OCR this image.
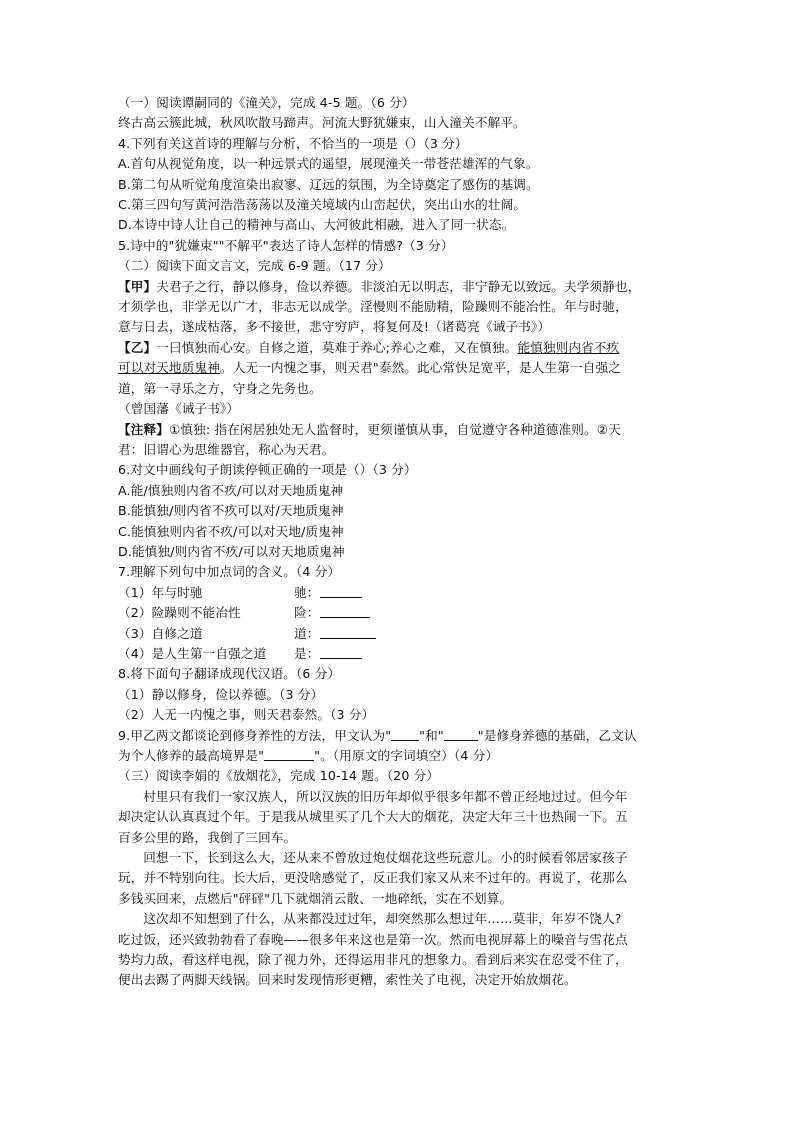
（一）阅读谭嗣同的《潼关》，完成 4-5 题。（6 分）
终古高云簇此城，秋风吹散马蹄声。河流大野犹嫌束，山入潼关不解平。
4.下列有关这首诗的理解与分析，不恰当的一项是（）（3 分）
A.首句从视觉角度，以一种远景式的遥望，展现潼关一带苍茫雄浑的气象。
B.第二句从听觉角度渲染出寂寥、辽远的氛围，为全诗奠定了感伤的基调。
C.第三四句写黄河浩浩荡荡以及潼关境域内山峦起伏，突出山水的壮阔。
D.本诗中诗人让自己的精神与高山、大河彼此相融，进入了同一状态。
5.诗中的"犹嫌束""不解平"表达了诗人怎样的情感?（3 分）
（二）阅读下面文言文，完成 6-9 题。（17 分）
【甲】夫君子之行，静以修身，俭以养德。非淡泊无以明志，非宁静无以致远。夫学须静也，
才须学也，非学无以广才，非志无以成学。淫慢则不能励精，险躁则不能冶性。年与时驰，
意与日去，遂成枯落，多不接世，悲守穷庐，将复何及!（诸葛亮《诫子书》）
【乙】一曰慎独而心安。自修之道，莫难于养心;养心之难，又在慎独。能慎独则内省不疚
可以对天地质鬼神。人无一内愧之事，则天君"泰然。此心常快足宽平，是人生第一自强之
道，第一寻乐之方，守身之先务也。
（曾国藩《诫子书》）
【注释】①慎独: 指在闲居独处无人监督时，更须谨慎从事，自觉遵守各种道德准则。②天
君：旧谓心为思维器官，称心为天君。
6.对文中画线句子朗读停顿正确的一项是（）（3 分）
A.能/慎独则内省不疚/可以对天地质鬼神
B.能慎独/则内省不疚可以对/天地质鬼神
C.能慎独则内省不疚/可以对天地/质鬼神
D.能慎独/则内省不疚/可以对天地质鬼神
7.理解下列句中加点词的含义。（4 分）
（1）年与时驰	驰：
（2）险躁则不能冶性	险：
（3）自修之道	道：
（4）是人生第一自强之道 是：
8.将下面句子翻译成现代汉语。（6 分）
（1）静以修身，俭以养德。（3 分）
（2）人无一内愧之事，则天君泰然。（3 分）
9.甲乙两文都谈论到修身养性的方法，甲文认为" "和"	"是修身养德的基础，乙文认
为个人修养的最高境界是"	"。（用原文的字词填空）（4 分）
（三）阅读李娟的《放烟花》，完成 10-14 题。（20 分）
村里只有我们一家汉族人，所以汉族的旧历年却似乎很多年都不曾正经地过过。但今年
却决定认认真真过个年。于是我从城里买了几个大大的烟花，决定大年三十也热闹一下。五
百多公里的路，我倒了三回车。
回想一下，长到这么大，还从来不曾放过炮仗烟花这些玩意儿。小的时候看邻居家孩子
玩，并不特别向往。长大后，更没啥感觉了，反正我们家又从来不过年的。再说了，花那么
多钱买回来，点燃后"砰砰"几下就烟消云散、一地碎纸，实在不划算。
这次却不知想到了什么，从来都没过过年，却突然那么想过年……莫非，年岁不饶人?
吃过饭，还兴致勃勃看了春晚——很多年来这也是第一次。然而电视屏幕上的噪音与雪花点
势均力敌，看这样电视，除了视力外，还得运用非凡的想象力。看到后来实在忍受不住了，
便出去踢了两脚天线锅。回来时发现情形更糟，索性关了电视，决定开始放烟花。
